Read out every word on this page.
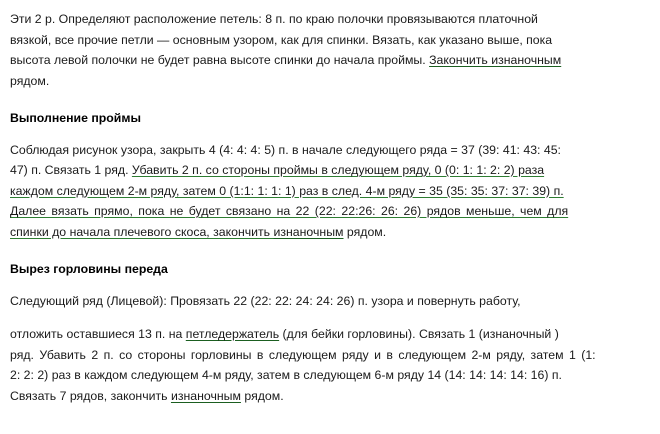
Эти 2 р. Определяют расположение петель: 8 п. по краю полочки провязываются платочной
вязкой, все прочие петли — основным узором, как для спинки. Вязать, как указано выше, пока
высота левой полочки не будет равна высоте спинки до начала проймы. Закончить изнаночным
рядом.
Выполнение проймы
Соблюдая рисунок узора, закрыть 4 (4: 4: 4: 5) п. в начале следующего ряда = 37 (39: 41: 43: 45:
47) п. Связать 1 ряд. Убавить 2 п. со стороны проймы в следующем ряду, 0 (0: 1: 1: 2: 2) раза
каждом следующем 2-м ряду, затем 0 (1:1: 1: 1: 1) раз в след. 4-м ряду = 35 (35: 35: 37: 37: 39) п.
Далее вязать прямо, пока не будет связано на 22 (22: 22:26: 26: 26) рядов меньше, чем для
спинки до начала плечевого скоса, закончить изнаночным рядом.
Вырез горловины переда
Следующий ряд (Лицевой): Провязать 22 (22: 22: 24: 24: 26) п. узора и повернуть работу,
отложить оставшиеся 13 п. на петледержатель (для бейки горловины). Связать 1 (изнаночный )
ряд. Убавить 2 п. со стороны горловины в следующем ряду и в следующем 2-м ряду, затем 1 (1:
2: 2: 2) раз в каждом следующем 4-м ряду, затем в следующем 6-м ряду 14 (14: 14: 14: 14: 16) п.
Связать 7 рядов, закончить изнаночным рядом.
